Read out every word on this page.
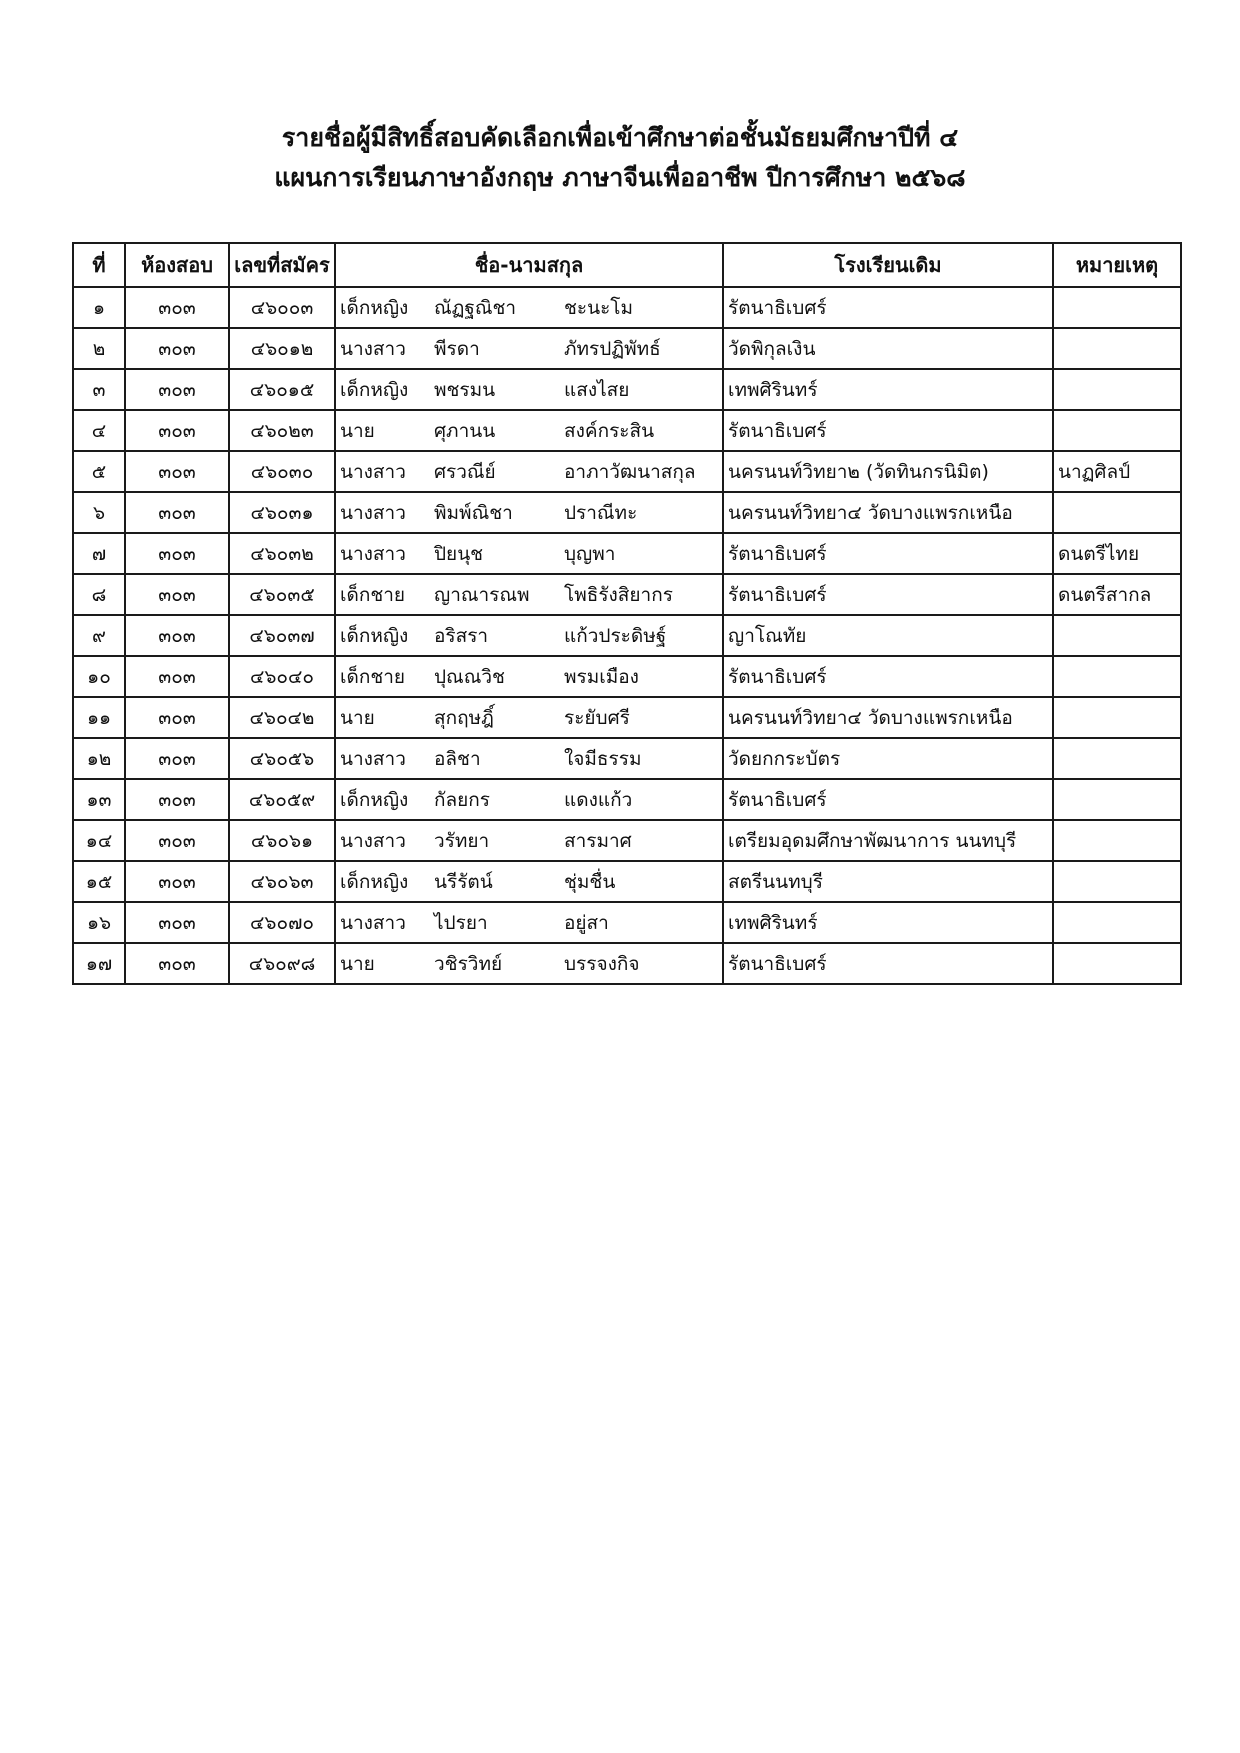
รายชื่อผู้มีสิทธิ์สอบคัดเลือกเพื่อเข้าศึกษาต่อชั้นมัธยมศึกษาปีที่ ๔
แผนการเรียนภาษาอังกฤษ ภาษาจีนเพื่ออาชีพ ปีการศึกษา ๒๕๖๘
ที่	ห้องสอบ	เลขที่สมัคร	ชื่อ-นามสกุล	โรงเรียนเดิม	หมายเหตุ
๑	๓๐๓	๔๖๐๐๓	เด็กหญิง ณัฏฐณิชา ชะนะโม	รัตนาธิเบศร์	
๒	๓๐๓	๔๖๐๑๒	นางสาว พีรดา ภัทรปฏิพัทธ์	วัดพิกุลเงิน	
๓	๓๐๓	๔๖๐๑๕	เด็กหญิง พชรมน แสงไสย	เทพศิรินทร์	
๔	๓๐๓	๔๖๐๒๓	นาย ศุภานน สงค์กระสิน	รัตนาธิเบศร์	
๕	๓๐๓	๔๖๐๓๐	นางสาว ศรวณีย์ อาภาวัฒนาสกุล	นครนนท์วิทยา๒ (วัดทินกรนิมิต)	นาฏศิลป์
๖	๓๐๓	๔๖๐๓๑	นางสาว พิมพ์ณิชา ปราณีทะ	นครนนท์วิทยา๔ วัดบางแพรกเหนือ	
๗	๓๐๓	๔๖๐๓๒	นางสาว ปิยนุช บุญพา	รัตนาธิเบศร์	ดนตรีไทย
๘	๓๐๓	๔๖๐๓๕	เด็กชาย ญาณารณพ โพธิรังสิยากร	รัตนาธิเบศร์	ดนตรีสากล
๙	๓๐๓	๔๖๐๓๗	เด็กหญิง อริสรา แก้วประดิษฐ์	ญาโณทัย	
๑๐	๓๐๓	๔๖๐๔๐	เด็กชาย ปุณณวิช พรมเมือง	รัตนาธิเบศร์	
๑๑	๓๐๓	๔๖๐๔๒	นาย สุกฤษฎิ์ ระยับศรี	นครนนท์วิทยา๔ วัดบางแพรกเหนือ	
๑๒	๓๐๓	๔๖๐๕๖	นางสาว อลิชา ใจมีธรรม	วัดยกกระบัตร	
๑๓	๓๐๓	๔๖๐๕๙	เด็กหญิง กัลยกร แดงแก้ว	รัตนาธิเบศร์	
๑๔	๓๐๓	๔๖๐๖๑	นางสาว วรัทยา สารมาศ	เตรียมอุดมศึกษาพัฒนาการ นนทบุรี	
๑๕	๓๐๓	๔๖๐๖๓	เด็กหญิง นรีรัตน์ ชุ่มชื่น	สตรีนนทบุรี	
๑๖	๓๐๓	๔๖๐๗๐	นางสาว ไปรยา อยู่สา	เทพศิรินทร์	
๑๗	๓๐๓	๔๖๐๙๘	นาย วชิรวิทย์ บรรจงกิจ	รัตนาธิเบศร์	
